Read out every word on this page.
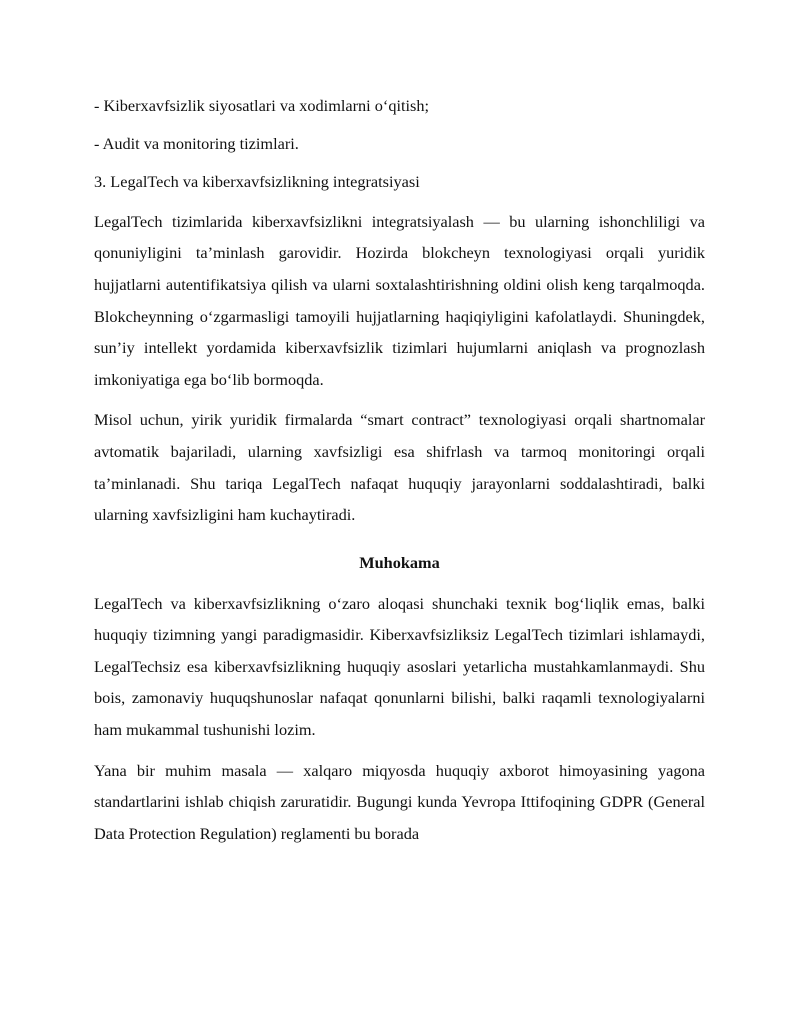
- Kiberxavfsizlik siyosatlari va xodimlarni o‘qitish;

- Audit va monitoring tizimlari.

3. LegalTech va kiberxavfsizlikning integratsiyasi

LegalTech tizimlarida kiberxavfsizlikni integratsiyalash — bu ularning ishonchliligi va qonuniyligini ta’minlash garovidir. Hozirda blokcheyn texnologiyasi orqali yuridik hujjatlarni autentifikatsiya qilish va ularni soxtalashtirishning oldini olish keng tarqalmoqda. Blokcheynning o‘zgarmasligi tamoyili hujjatlarning haqiqiyligini kafolatlaydi. Shuningdek, sun’iy intellekt yordamida kiberxavfsizlik tizimlari hujumlarni aniqlash va prognozlash imkoniyatiga ega bo‘lib bormoqda.

Misol uchun, yirik yuridik firmalarda “smart contract” texnologiyasi orqali shartnomalar avtomatik bajariladi, ularning xavfsizligi esa shifrlash va tarmoq monitoringi orqali ta’minlanadi. Shu tariqa LegalTech nafaqat huquqiy jarayonlarni soddalashtiradi, balki ularning xavfsizligini ham kuchaytiradi.

Muhokama

LegalTech va kiberxavfsizlikning o‘zaro aloqasi shunchaki texnik bog‘liqlik emas, balki huquqiy tizimning yangi paradigmasidir. Kiberxavfsizliksiz LegalTech tizimlari ishlamaydi, LegalTechsiz esa kiberxavfsizlikning huquqiy asoslari yetarlicha mustahkamlanmaydi. Shu bois, zamonaviy huquqshunoslar nafaqat qonunlarni bilishi, balki raqamli texnologiyalarni ham mukammal tushunishi lozim.

Yana bir muhim masala — xalqaro miqyosda huquqiy axborot himoyasining yagona standartlarini ishlab chiqish zaruratidir. Bugungi kunda Yevropa Ittifoqining GDPR (General Data Protection Regulation) reglamenti bu borada
